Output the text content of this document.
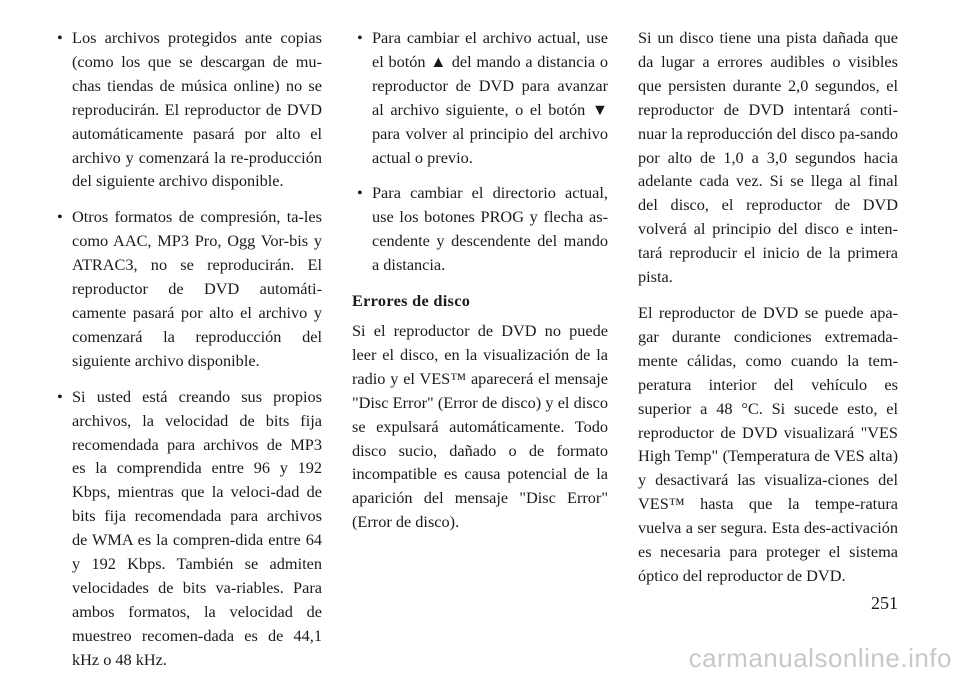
• Los archivos protegidos ante copias (como los que se descargan de mu-chas tiendas de música online) no se reproducirán. El reproductor de DVD automáticamente pasará por alto el archivo y comenzará la re-producción del siguiente archivo disponible.
• Otros formatos de compresión, ta-les como AAC, MP3 Pro, Ogg Vor-bis y ATRAC3, no se reproducirán. El reproductor de DVD automáti-camente pasará por alto el archivo y comenzará la reproducción del siguiente archivo disponible.
• Si usted está creando sus propios archivos, la velocidad de bits fija recomendada para archivos de MP3 es la comprendida entre 96 y 192 Kbps, mientras que la veloci-dad de bits fija recomendada para archivos de WMA es la compren-dida entre 64 y 192 Kbps. También se admiten velocidades de bits va-riables. Para ambos formatos, la velocidad de muestreo recomen-dada es de 44,1 kHz o 48 kHz.
• Para cambiar el archivo actual, use el botón ▲ del mando a distancia o reproductor de DVD para avanzar al archivo siguiente, o el botón ▼ para volver al principio del archivo actual o previo.
• Para cambiar el directorio actual, use los botones PROG y flecha as-cendente y descendente del mando a distancia.
Errores de disco

Si el reproductor de DVD no puede leer el disco, en la visualización de la radio y el VES™ aparecerá el mensaje "Disc Error" (Error de disco) y el disco se expulsará automáticamente. Todo disco sucio, dañado o de formato incompatible es causa potencial de la aparición del mensaje "Disc Error" (Error de disco).

Si un disco tiene una pista dañada que da lugar a errores audibles o visibles que persisten durante 2,0 segundos, el reproductor de DVD intentará conti-nuar la reproducción del disco pa-sando por alto de 1,0 a 3,0 segundos hacia adelante cada vez. Si se llega al final del disco, el reproductor de DVD volverá al principio del disco e inten-tará reproducir el inicio de la primera pista.

El reproductor de DVD se puede apa-gar durante condiciones extremada-mente cálidas, como cuando la tem-peratura interior del vehículo es superior a 48 °C. Si sucede esto, el reproductor de DVD visualizará "VES High Temp" (Temperatura de VES alta) y desactivará las visualiza-ciones del VES™ hasta que la tempe-ratura vuelva a ser segura. Esta des-activación es necesaria para proteger el sistema óptico del reproductor de DVD.

251
carmanualsonline.info
